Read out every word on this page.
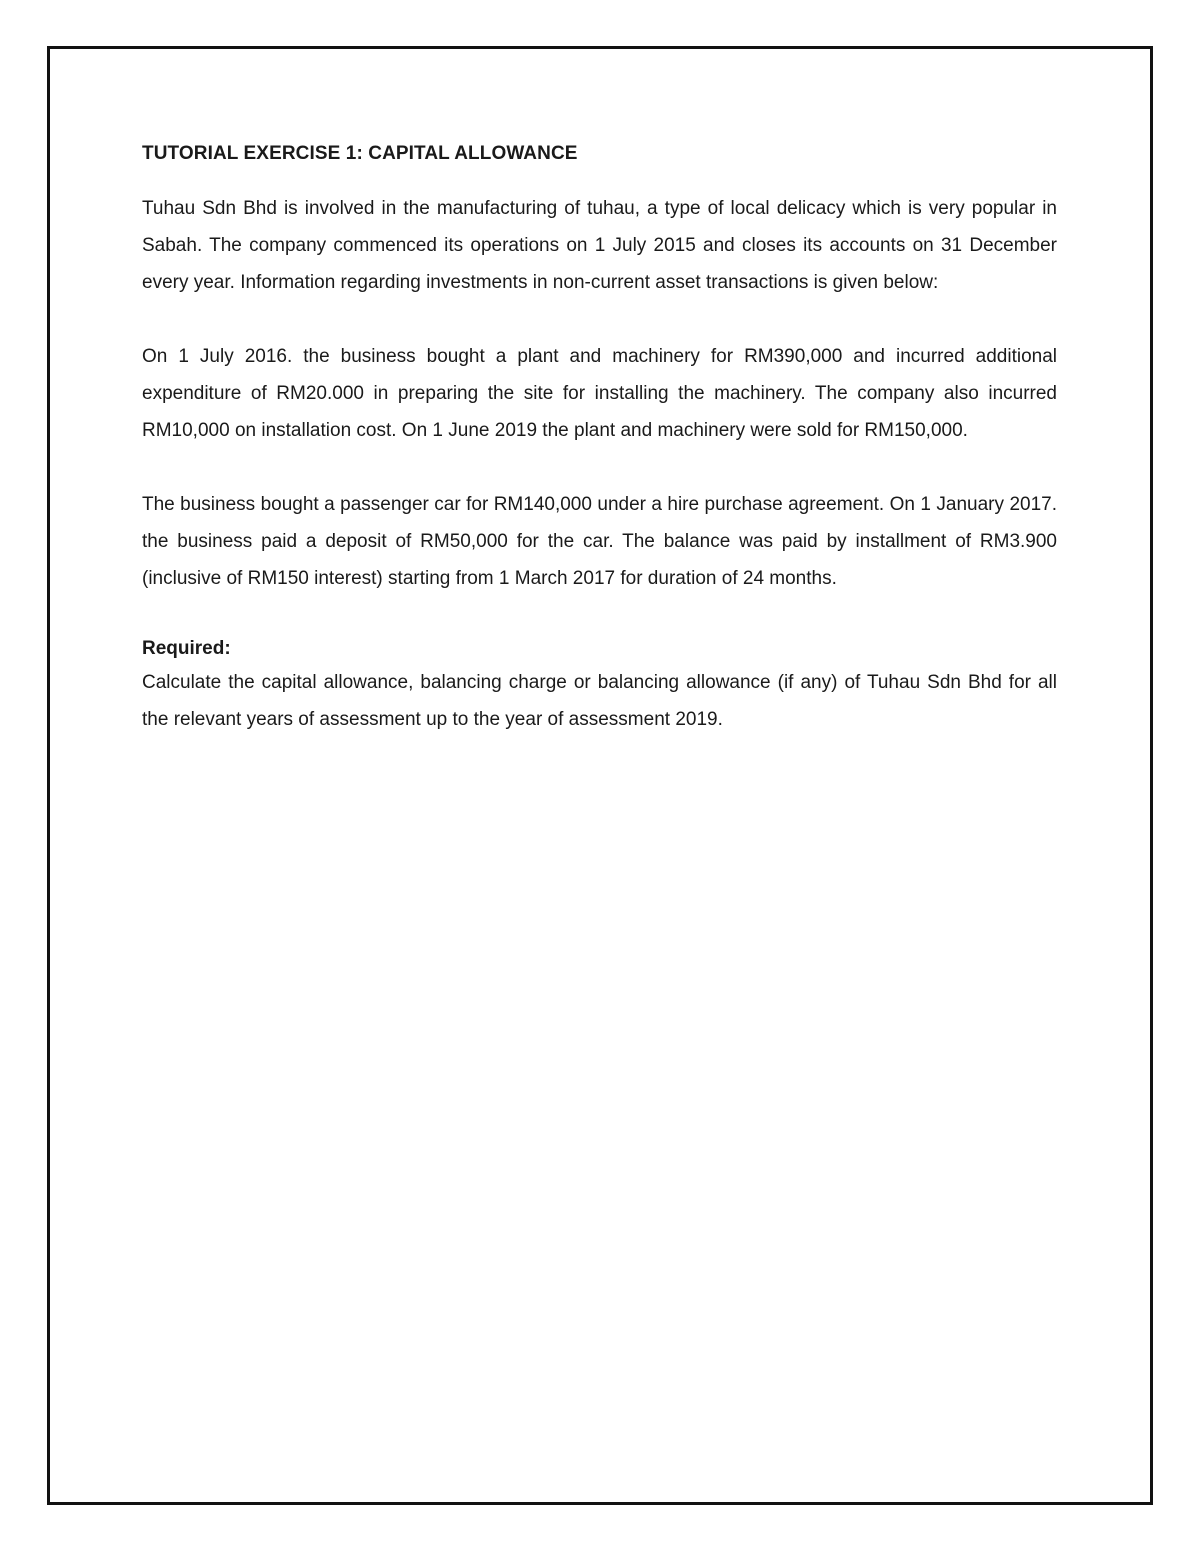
TUTORIAL EXERCISE 1: CAPITAL ALLOWANCE

Tuhau Sdn Bhd is involved in the manufacturing of tuhau, a type of local delicacy which is very popular in Sabah. The company commenced its operations on 1 July 2015 and closes its accounts on 31 December every year. Information regarding investments in non-current asset transactions is given below:

On 1 July 2016. the business bought a plant and machinery for RM390,000 and incurred additional expenditure of RM20.000 in preparing the site for installing the machinery. The company also incurred RM10,000 on installation cost. On 1 June 2019 the plant and machinery were sold for RM150,000.

The business bought a passenger car for RM140,000 under a hire purchase agreement. On 1 January 2017. the business paid a deposit of RM50,000 for the car. The balance was paid by installment of RM3.900 (inclusive of RM150 interest) starting from 1 March 2017 for duration of 24 months.

Required:

Calculate the capital allowance, balancing charge or balancing allowance (if any) of Tuhau Sdn Bhd for all the relevant years of assessment up to the year of assessment 2019.
